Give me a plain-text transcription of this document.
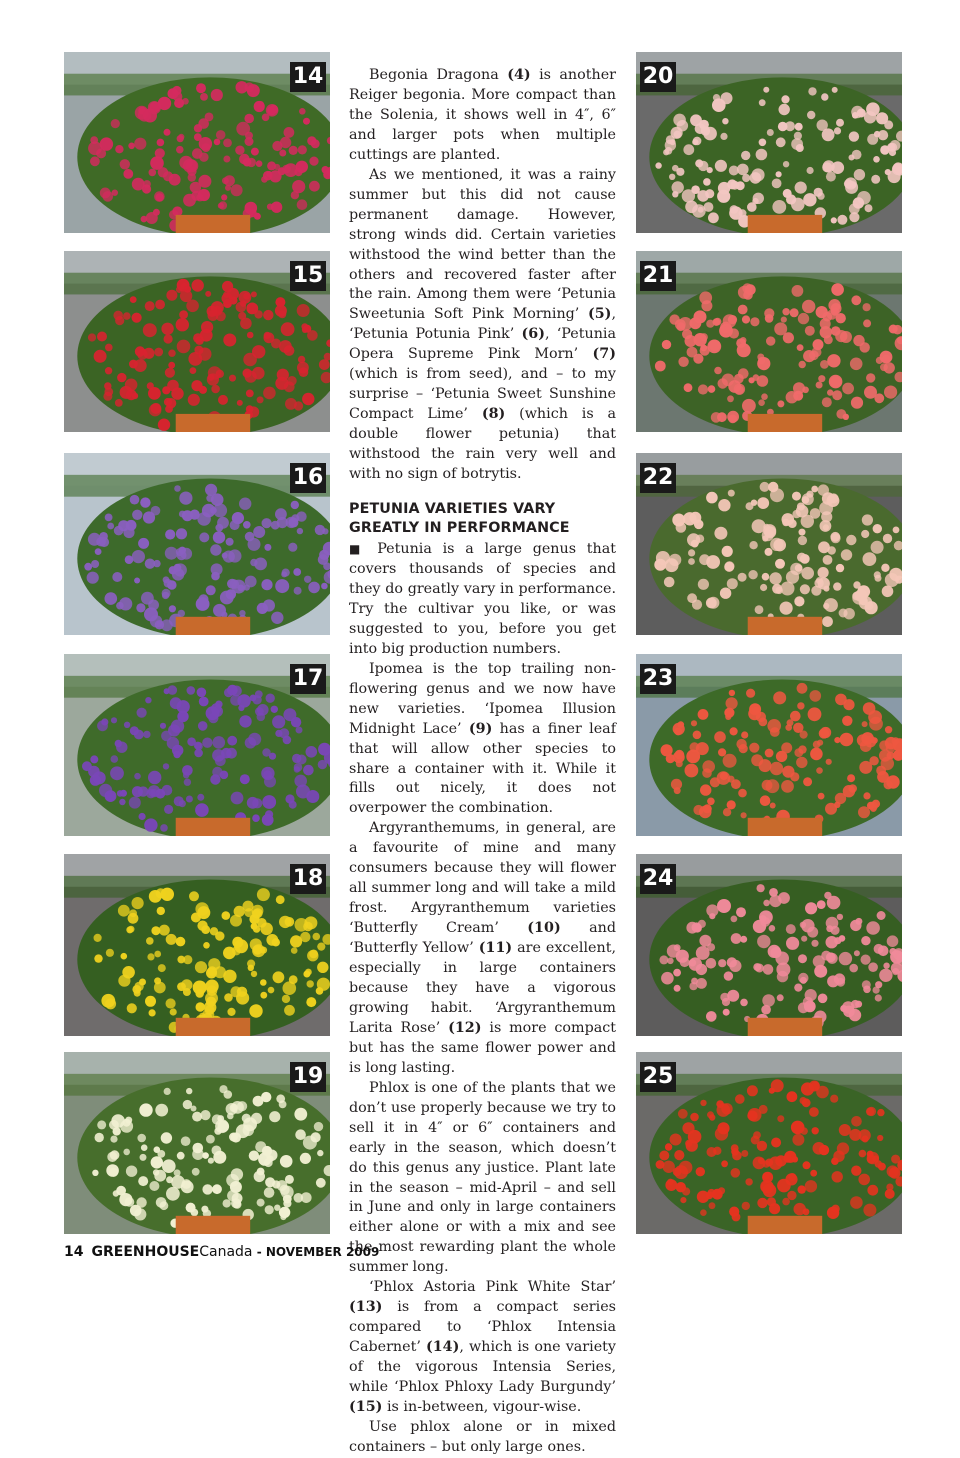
14
15
16
17
18
19
20
21
22
23
24
25

Begonia Dragona (4) is another Reiger begonia. More compact than the Solenia, it shows well in 4″, 6″ and larger pots when multiple cuttings are planted.

As we mentioned, it was a rainy summer but this did not cause permanent damage. However, strong winds did. Certain varieties withstood the wind better than the others and recovered faster after the rain. Among them were ‘Petunia Sweetunia Soft Pink Morning’ (5), ‘Petunia Potunia Pink’ (6), ‘Petunia Opera Supreme Pink Morn’ (7) (which is from seed), and – to my surprise – ‘Petunia Sweet Sunshine Compact Lime’ (8) (which is a double flower petunia) that withstood the rain very well and with no sign of botrytis.

PETUNIA VARIETIES VARY GREATLY IN PERFORMANCE

■ Petunia is a large genus that covers thousands of species and they do greatly vary in performance. Try the cultivar you like, or was suggested to you, before you get into big production numbers.

Ipomea is the top trailing non-flowering genus and we now have new varieties. ‘Ipomea Illusion Midnight Lace’ (9) has a finer leaf that will allow other species to share a container with it. While it fills out nicely, it does not overpower the combination.

Argyranthemums, in general, are a favourite of mine and many consumers because they will flower all summer long and will take a mild frost. Argyranthemum varieties ‘Butterfly Cream’ (10) and ‘Butterfly Yellow’ (11) are excellent, especially in large containers because they have a vigorous growing habit. ‘Argyranthemum Larita Rose’ (12) is more compact but has the same flower power and is long lasting.

Phlox is one of the plants that we don’t use properly because we try to sell it in 4″ or 6″ containers and early in the season, which doesn’t do this genus any justice. Plant late in the season – mid-April – and sell in June and only in large containers either alone or with a mix and see the most rewarding plant the whole summer long.

‘Phlox Astoria Pink White Star’ (13) is from a compact series compared to ‘Phlox Intensia Cabernet’ (14), which is one variety of the vigorous Intensia Series, while ‘Phlox Phloxy Lady Burgundy’ (15) is in-between, vigour-wise.

Use phlox alone or in mixed containers – but only large ones.

14 GREENHOUSECanada - NOVEMBER 2009
